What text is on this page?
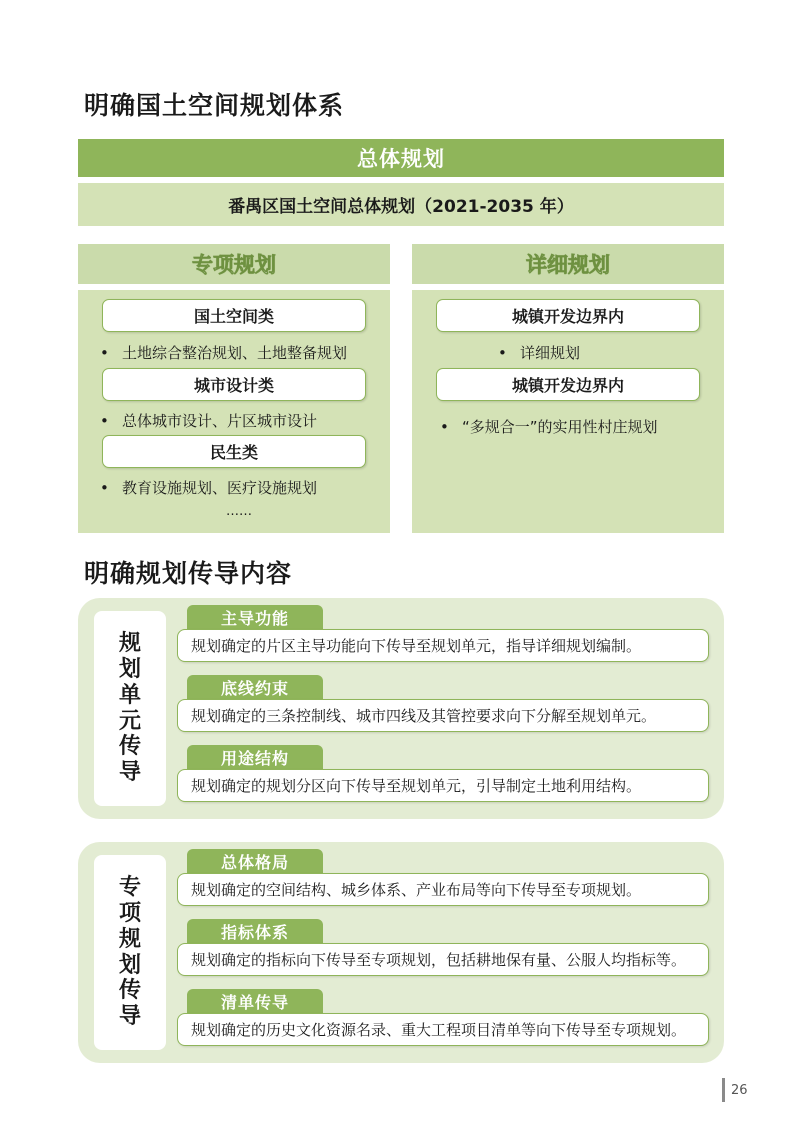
明确国土空间规划体系
总体规划
番禺区国土空间总体规划（2021-2035 年）
专项规划	详细规划
国土空间类
• 土地综合整治规划、土地整备规划
城市设计类
• 总体城市设计、片区城市设计
民生类
• 教育设施规划、医疗设施规划
……
城镇开发边界内
• 详细规划
城镇开发边界内
• “多规合一”的实用性村庄规划
明确规划传导内容
规划单元传导
主导功能
规划确定的片区主导功能向下传导至规划单元，指导详细规划编制。
底线约束
规划确定的三条控制线、城市四线及其管控要求向下分解至规划单元。
用途结构
规划确定的规划分区向下传导至规划单元，引导制定土地利用结构。
专项规划传导
总体格局
规划确定的空间结构、城乡体系、产业布局等向下传导至专项规划。
指标体系
规划确定的指标向下传导至专项规划，包括耕地保有量、公服人均指标等。
清单传导
规划确定的历史文化资源名录、重大工程项目清单等向下传导至专项规划。
26
